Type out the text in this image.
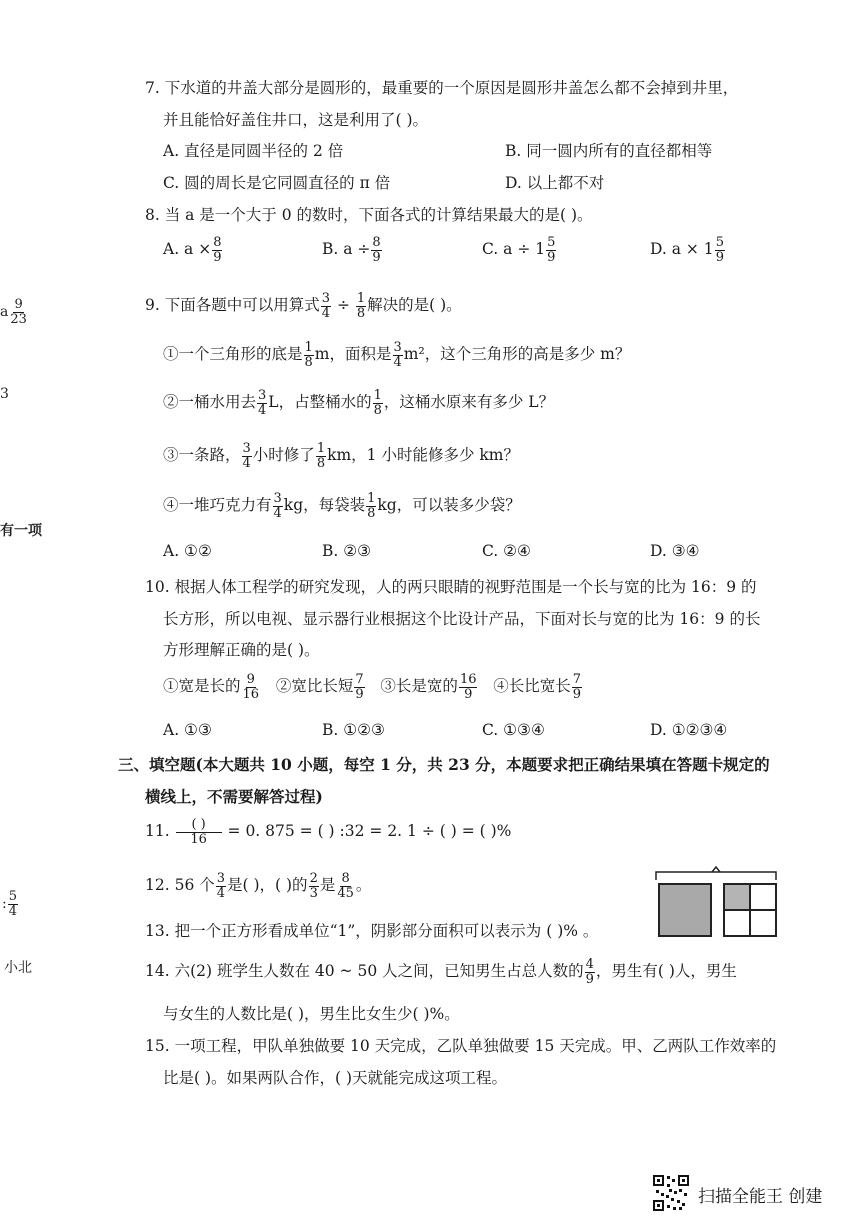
a $\frac{9}{23}$
3
有一项
: $\frac{5}{4}$
小北
7. 下水道的井盖大部分是圆形的，最重要的一个原因是圆形井盖怎么都不会掉到井里，
并且能恰好盖住井口，这是利用了( )。
A. 直径是同圆半径的 2 倍	B. 同一圆内所有的直径都相等
C. 圆的周长是它同圆直径的 π 倍	D. 以上都不对
8. 当 a 是一个大于 0 的数时，下面各式的计算结果最大的是( )。
A. $a \times \frac{8}{9}$	B. $a \div \frac{8}{9}$	C. $a \div 1 \frac{5}{9}$	D. $a \times 1 \frac{5}{9}$
9. 下面各题中可以用算式 $\frac{3}{4} \div \frac{1}{8}$ 解决的是( )。
①一个三角形的底是 $\frac{1}{8}$ m，面积是 $\frac{3}{4} m^2$，这个三角形的高是多少 m？
②一桶水用去 $\frac{3}{4}$ L，占整桶水的 $\frac{1}{8}$ ，这桶水原来有多少 L？
③一条路， $\frac{3}{4}$ 小时修了 $\frac{1}{8}$ km，1 小时能修多少 km？
④一堆巧克力有 $\frac{3}{4}$ kg，每袋装 $\frac{1}{8}$ kg，可以装多少袋？
A. ①②	B. ②③	C. ②④	D. ③④
10. 根据人体工程学的研究发现，人的两只眼睛的视野范围是一个长与宽的比为 16：9 的
长方形，所以电视、显示器行业根据这个比设计产品，下面对长与宽的比为 16：9 的长
方形理解正确的是( )。
①宽是长的 $\frac{9}{16}$ ②宽比长短 $\frac{7}{9}$ ③长是宽的 $\frac{16}{9}$ ④长比宽长 $\frac{7}{9}$
A. ①③	B. ①②③	C. ①③④	D. ①②③④
三、填空题(本大题共 10 小题，每空 1 分，共 23 分，本题要求把正确结果填在答题卡规定的
横线上，不需要解答过程)
11. $\frac{( )}{16} = 0$. 875 = ( ) :32 = 2. 1 ÷ ( ) = ( )%
12. 56 个 $\frac{3}{4}$ 是( )，( )的 $\frac{2}{3}$ 是 $\frac{8}{45}$ 。
13. 把一个正方形看成单位“1”，阴影部分面积可以表示为 ( )% 。
14. 六(2) 班学生人数在 40 ~ 50 人之间，已知男生占总人数的 $\frac{4}{9}$ ，男生有( )人，男生
与女生的人数比是( )，男生比女生少( )%。
15. 一项工程，甲队单独做要 10 天完成，乙队单独做要 15 天完成。甲、乙两队工作效率的
比是( )。如果两队合作，( )天就能完成这项工程。
扫描全能王 创建
